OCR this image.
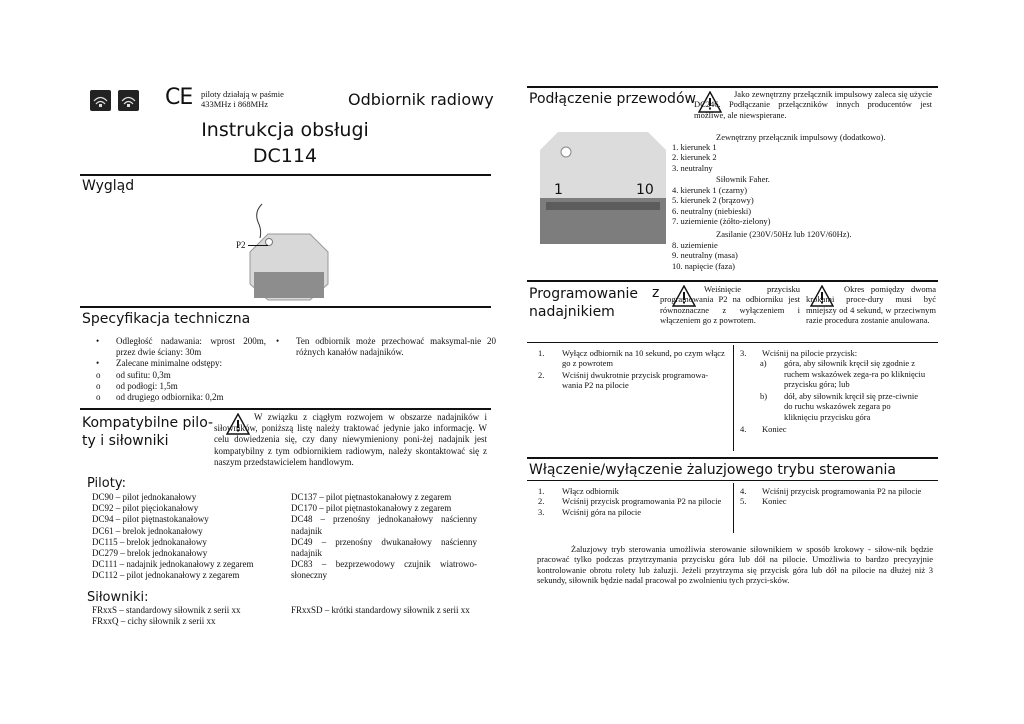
CE piloty działają w paśmie
433MHz i 868MHz	Odbiornik radiowy
Instrukcja obsługi
DC114
Wygląd
P2
Specyfikacja techniczna
• Odległość nadawania: wprost 200m, przez dwie ściany: 30m
• Zalecane minimalne odstępy:
o od sufitu: 0,3m
o od podłogi: 1,5m
o od drugiego odbiornika: 0,2m
• Ten odbiornik może przechować maksymal-nie 20 różnych kanałów nadajników.
Kompatybilne pilo-
ty i siłowniki
W związku z ciągłym rozwojem w obszarze nadajników i siłowników, poniższą listę należy traktować jedynie jako informację. W celu dowiedzenia się, czy dany niewymieniony poni-żej nadajnik jest kompatybilny z tym odbiornikiem radiowym, należy skontaktować się z naszym przedstawicielem handlowym.
Piloty:
DC90 – pilot jednokanałowy
DC92 – pilot pięciokanałowy
DC94 – pilot piętnastokanałowy
DC61 – brelok jednokanałowy
DC115 – brelok jednokanałowy
DC279 – brelok jednokanałowy
DC111 – nadajnik jednokanałowy z zegarem
DC112 – pilot jednokanałowy z zegarem
DC137 – pilot piętnastokanałowy z zegarem
DC170 – pilot piętnastokanałowy z zegarem
DC48 – przenośny jednokanałowy naścienny nadajnik
DC49 – przenośny dwukanałowy naścienny nadajnik
DC83 – bezprzewodowy czujnik wiatrowo-słoneczny
Siłowniki:
FRxxS – standardowy siłownik z serii xx
FRxxQ – cichy siłownik z serii xx
FRxxSD – krótki standardowy siłownik z serii xx
Podłączenie przewodów	Jako zewnętrzny przełącznik impulsowy zaleca się użycie DC246. Podłączanie przełączników innych producentów jest możliwe, ale niewspierane.
1	10
Zewnętrzny przełącznik impulsowy (dodatkowo).
1. kierunek 1
2. kierunek 2
3. neutralny
Siłownik Faher.
4. kierunek 1 (czarny)
5. kierunek 2 (brązowy)
6. neutralny (niebieski)
7. uziemienie (żółto-zielony)
Zasilanie (230V/50Hz lub 120V/60Hz).
8. uziemienie
9. neutralny (masa)
10. napięcie (faza)
Programowanie
nadajnikiem
z	Weiśnięcie przycisku programowania P2 na odbiorniku jest równoznaczne z wyłączeniem i włączeniem go z powrotem.
Okres pomiędzy dwoma krokami proce-dury musi być mniejszy od 4 sekund, w przeciwnym razie procedura zostanie anulowana.
1. Wyłącz odbiornik na 10 sekund, po czym włącz go z powrotem
2. Wciśnij dwukrotnie przycisk programowa-wania P2 na pilocie
3. Wciśnij na pilocie przycisk:
a) góra, aby siłownik kręcił się zgodnie z ruchem wskazówek zega-ra po kliknięciu przycisku góra; lub
b) dół, aby siłownik kręcił się prze-ciwnie do ruchu wskazówek zegara po kliknięciu przycisku góra
4. Koniec
Włączenie/wyłączenie żaluzjowego trybu sterowania
1. Włącz odbiornik
2. Wciśnij przycisk programowania P2 na pilocie
3. Wciśnij góra na pilocie
4. Wciśnij przycisk programowania P2 na pilocie
5. Koniec
Żaluzjowy tryb sterowania umożliwia sterowanie siłownikiem w sposób krokowy - siłow-nik będzie pracować tylko podczas przytrzymania przycisku góra lub dół na pilocie. Umożliwia to bardzo precyzyjnie kontrolowanie obrotu rolety lub żaluzji. Jeżeli przytrzyma się przycisk góra lub dół na pilocie na dłużej niż 3 sekundy, siłownik będzie nadal pracował po zwolnieniu tych przyci-sków.
